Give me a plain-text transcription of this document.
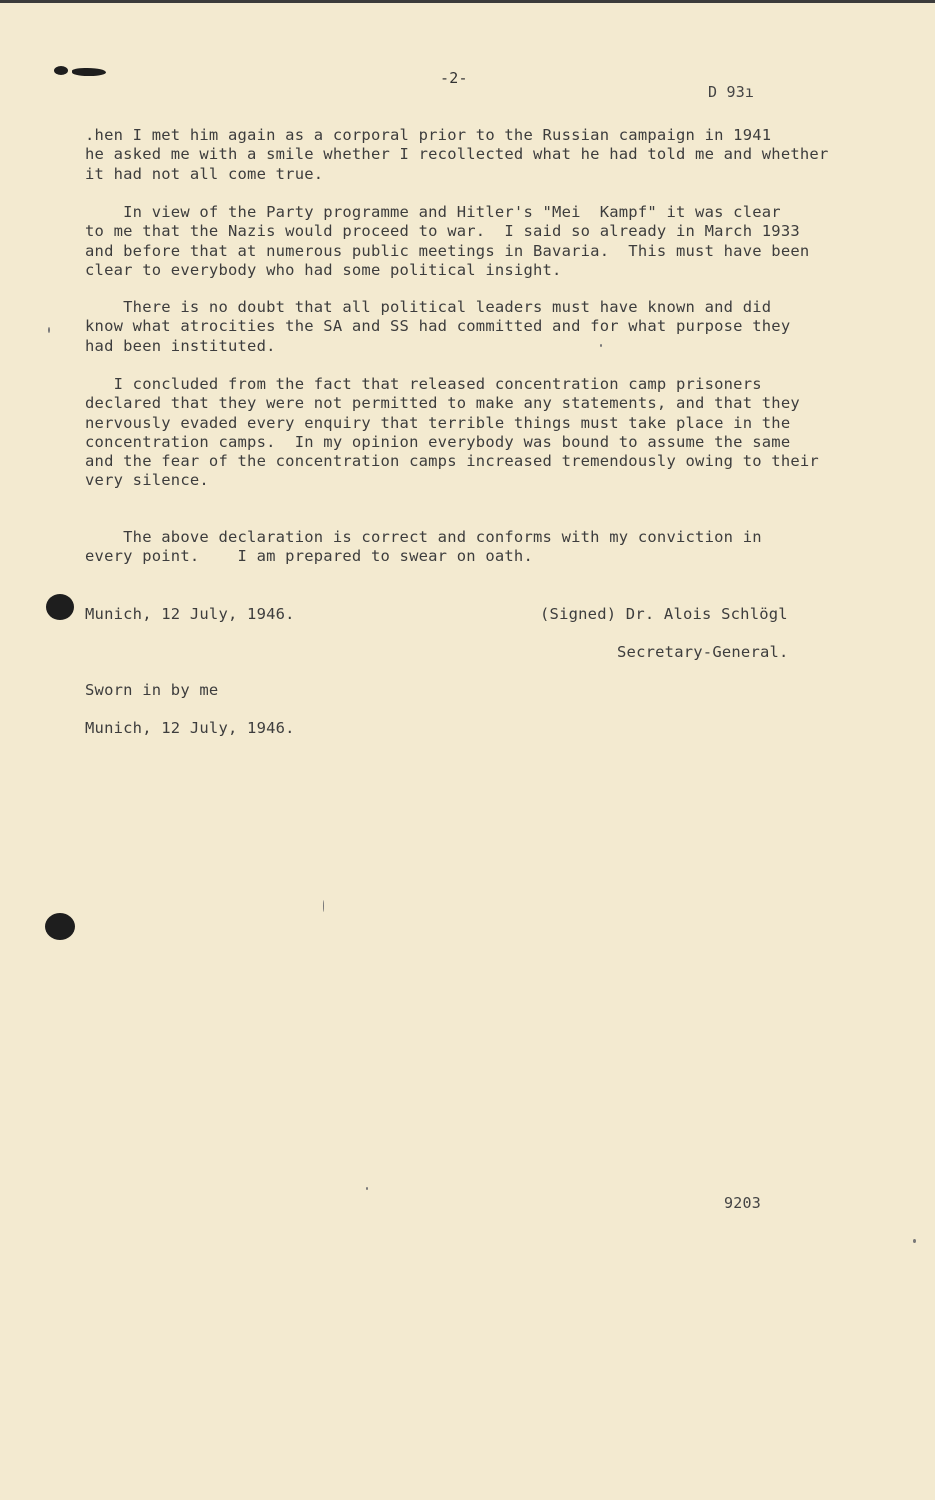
-2-
D 93ı
.hen I met him again as a corporal prior to the Russian campaign in 1941
he asked me with a smile whether I recollected what he had told me and whether
it had not all come true.
In view of the Party programme and Hitler's "Mei  Kampf" it was clear
to me that the Nazis would proceed to war.  I said so already in March 1933
and before that at numerous public meetings in Bavaria.  This must have been
clear to everybody who had some political insight.
There is no doubt that all political leaders must have known and did
know what atrocities the SA and SS had committed and for what purpose they
had been instituted.
I concluded from the fact that released concentration camp prisoners
declared that they were not permitted to make any statements, and that they
nervously evaded every enquiry that terrible things must take place in the
concentration camps.  In my opinion everybody was bound to assume the same
and the fear of the concentration camps increased tremendously owing to their
very silence.
The above declaration is correct and conforms with my conviction in
every point.    I am prepared to swear on oath.
Munich, 12 July, 1946.	(Signed) Dr. Alois Schlögl
Secretary-General.
Sworn in by me
Munich, 12 July, 1946.
9203
